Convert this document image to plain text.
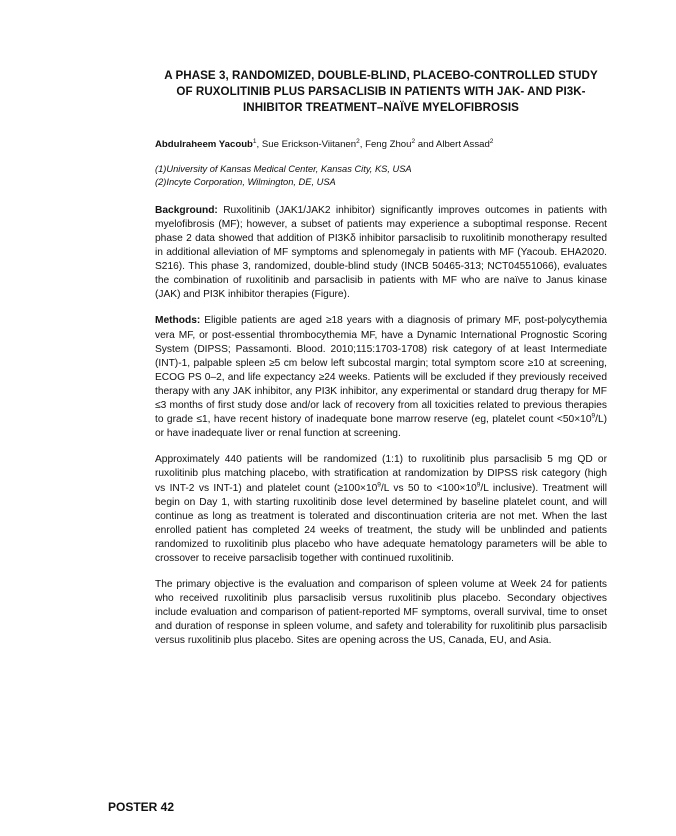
A PHASE 3, RANDOMIZED, DOUBLE-BLIND, PLACEBO-CONTROLLED STUDY OF RUXOLITINIB PLUS PARSACLISIB IN PATIENTS WITH JAK- AND PI3K-INHIBITOR TREATMENT–NAÏVE MYELOFIBROSIS
Abdulraheem Yacoub$^1$, Sue Erickson-Viitanen$^2$, Feng Zhou$^2$ and Albert Assad$^2$
(1)University of Kansas Medical Center, Kansas City, KS, USA
(2)Incyte Corporation, Wilmington, DE, USA

Background: Ruxolitinib (JAK1/JAK2 inhibitor) significantly improves outcomes in patients with myelofibrosis (MF); however, a subset of patients may experience a suboptimal response. Recent phase 2 data showed that addition of PI3Kδ inhibitor parsaclisib to ruxolitinib monotherapy resulted in additional alleviation of MF symptoms and splenomegaly in patients with MF (Yacoub. EHA2020. S216). This phase 3, randomized, double-blind study (INCB 50465-313; NCT04551066), evaluates the combination of ruxolitinib and parsaclisib in patients with MF who are naïve to Janus kinase (JAK) and PI3K inhibitor therapies (Figure).

Methods: Eligible patients are aged ≥18 years with a diagnosis of primary MF, post-polycythemia vera MF, or post-essential thrombocythemia MF, have a Dynamic International Prognostic Scoring System (DIPSS; Passamonti. Blood. 2010;115:1703-1708) risk category of at least Intermediate (INT)-1, palpable spleen ≥5 cm below left subcostal margin; total symptom score ≥10 at screening, ECOG PS 0–2, and life expectancy ≥24 weeks. Patients will be excluded if they previously received therapy with any JAK inhibitor, any PI3K inhibitor, any experimental or standard drug therapy for MF ≤3 months of first study dose and/or lack of recovery from all toxicities related to previous therapies to grade ≤1, have recent history of inadequate bone marrow reserve (eg, platelet count $<50\times 10^9/L$) or have inadequate liver or renal function at screening.

Approximately 440 patients will be randomized (1:1) to ruxolitinib plus parsaclisib 5 mg QD or ruxolitinib plus matching placebo, with stratification at randomization by DIPSS risk category (high vs INT-2 vs INT-1) and platelet count ($\ge 100\times 10^9/L$ vs 50 to $<100\times 10^9/L$ inclusive). Treatment will begin on Day 1, with starting ruxolitinib dose level determined by baseline platelet count, and will continue as long as treatment is tolerated and discontinuation criteria are not met. When the last enrolled patient has completed 24 weeks of treatment, the study will be unblinded and patients randomized to ruxolitinib plus placebo who have adequate hematology parameters will be able to crossover to receive parsaclisib together with continued ruxolitinib.

The primary objective is the evaluation and comparison of spleen volume at Week 24 for patients who received ruxolitinib plus parsaclisib versus ruxolitinib plus placebo. Secondary objectives include evaluation and comparison of patient-reported MF symptoms, overall survival, time to onset and duration of response in spleen volume, and safety and tolerability for ruxolitinib plus parsaclisib versus ruxolitinib plus placebo. Sites are opening across the US, Canada, EU, and Asia.

POSTER 42
